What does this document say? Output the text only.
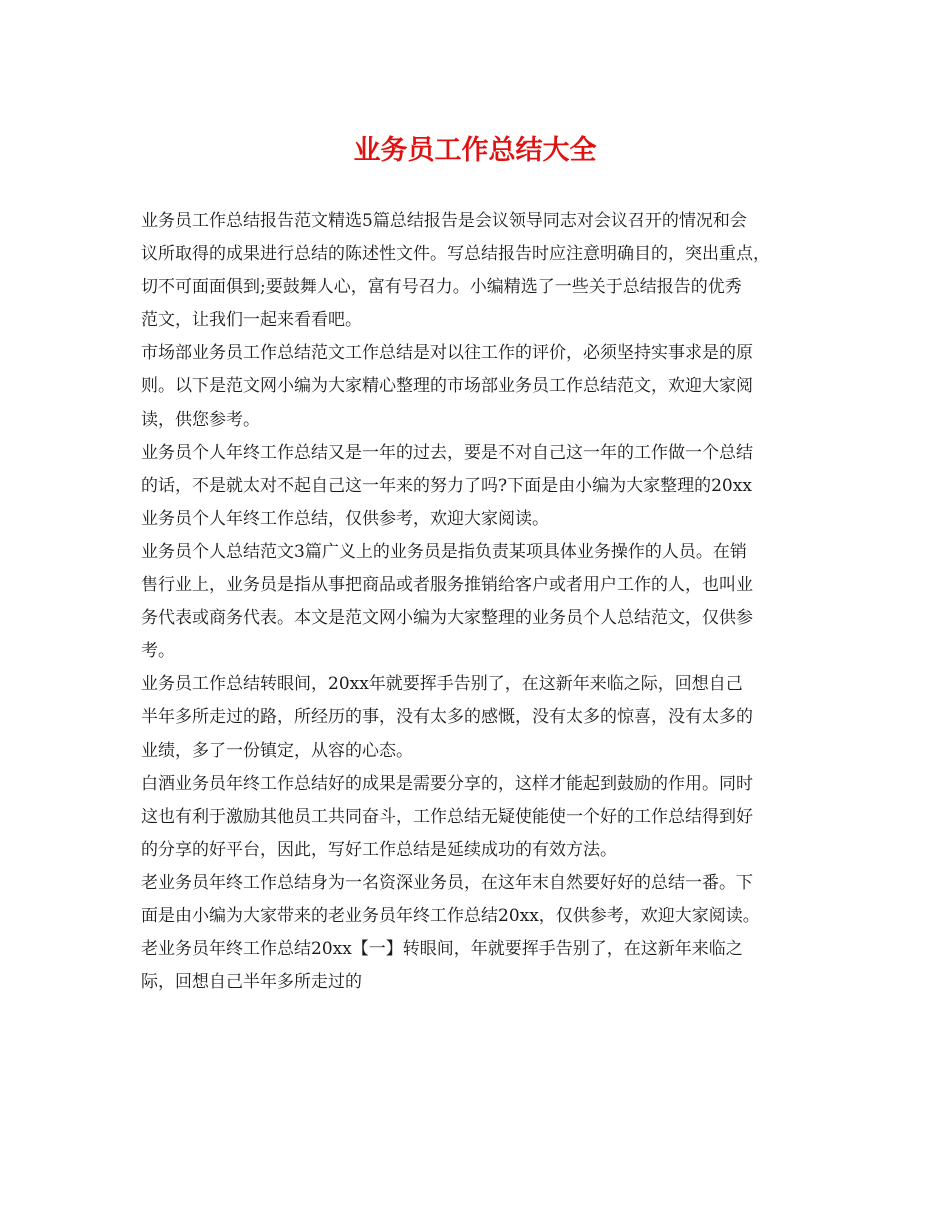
业务员工作总结大全
业务员工作总结报告范文精选5篇总结报告是会议领导同志对会议召开的情况和会
议所取得的成果进行总结的陈述性文件。写总结报告时应注意明确目的，突出重点，
切不可面面俱到;要鼓舞人心，富有号召力。小编精选了一些关于总结报告的优秀
范文，让我们一起来看看吧。
市场部业务员工作总结范文工作总结是对以往工作的评价，必须坚持实事求是的原
则。以下是范文网小编为大家精心整理的市场部业务员工作总结范文，欢迎大家阅
读，供您参考。
业务员个人年终工作总结又是一年的过去，要是不对自己这一年的工作做一个总结
的话，不是就太对不起自己这一年来的努力了吗?下面是由小编为大家整理的20xx
业务员个人年终工作总结，仅供参考，欢迎大家阅读。
业务员个人总结范文3篇广义上的业务员是指负责某项具体业务操作的人员。在销
售行业上，业务员是指从事把商品或者服务推销给客户或者用户工作的人，也叫业
务代表或商务代表。本文是范文网小编为大家整理的业务员个人总结范文，仅供参
考。
业务员工作总结转眼间，20xx年就要挥手告别了，在这新年来临之际，回想自己
半年多所走过的路，所经历的事，没有太多的感慨，没有太多的惊喜，没有太多的
业绩，多了一份镇定，从容的心态。
白酒业务员年终工作总结好的成果是需要分享的，这样才能起到鼓励的作用。同时
这也有利于激励其他员工共同奋斗，工作总结无疑使能使一个好的工作总结得到好
的分享的好平台，因此，写好工作总结是延续成功的有效方法。
老业务员年终工作总结身为一名资深业务员，在这年末自然要好好的总结一番。下
面是由小编为大家带来的老业务员年终工作总结20xx，仅供参考，欢迎大家阅读。
老业务员年终工作总结20xx【一】转眼间，年就要挥手告别了，在这新年来临之
际，回想自己半年多所走过的
